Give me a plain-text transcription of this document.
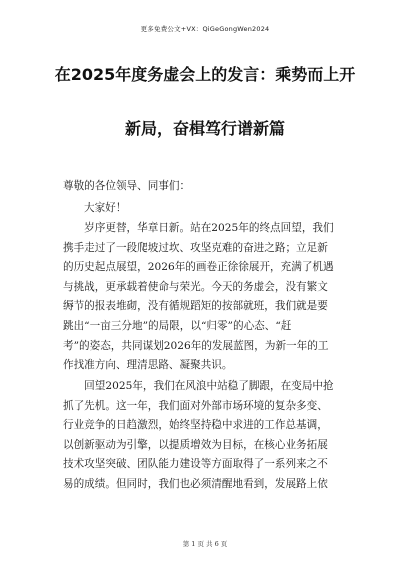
更多免费公文+VX：QiGeGongWen2024
在2025年度务虚会上的发言：乘势而上开
新局，奋楫笃行谱新篇
尊敬的各位领导、同事们：
大家好！
　　岁序更替，华章日新。站在2025年的终点回望，我们
携手走过了一段爬坡过坎、攻坚克难的奋进之路；立足新
的历史起点展望，2026年的画卷正徐徐展开，充满了机遇
与挑战，更承载着使命与荣光。今天的务虚会，没有繁文
缛节的报表堆砌，没有循规蹈矩的按部就班，我们就是要
跳出“一亩三分地”的局限，以“归零”的心态、“赶
考”的姿态，共同谋划2026年的发展蓝图，为新一年的工
作找准方向、理清思路、凝聚共识。
　　回望2025年，我们在风浪中站稳了脚跟，在变局中抢
抓了先机。这一年，我们面对外部市场环境的复杂多变、
行业竞争的日趋激烈，始终坚持稳中求进的工作总基调，
以创新驱动为引擎，以提质增效为目标，在核心业务拓展
技术攻坚突破、团队能力建设等方面取得了一系列来之不
易的成绩。但同时，我们也必须清醒地看到，发展路上依
第 1 页 共 6 页
